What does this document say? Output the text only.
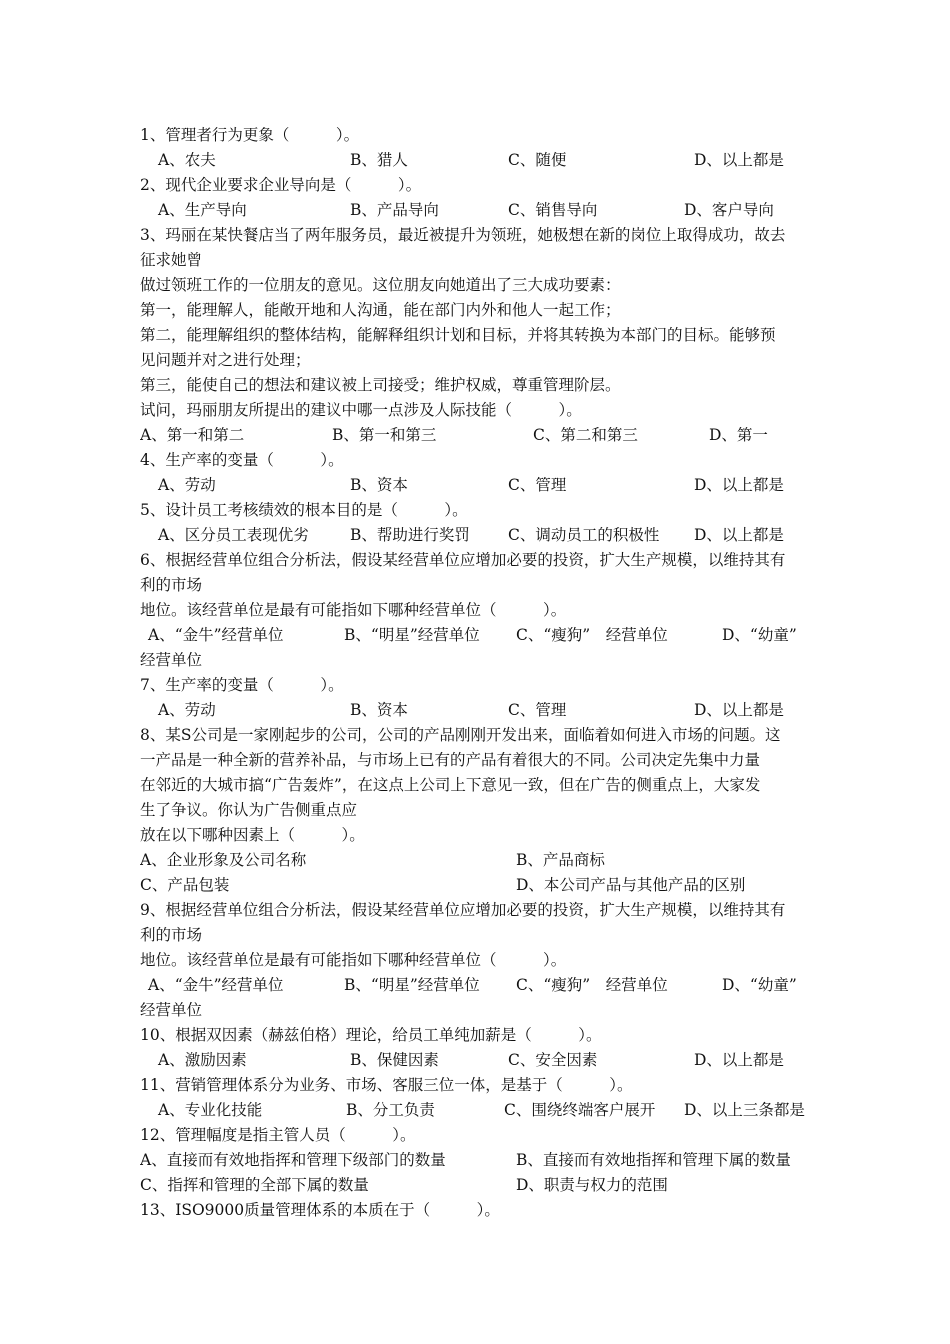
1、管理者行为更象（　　　）。
A、农夫	B、猎人	C、随便	D、以上都是
2、现代企业要求企业导向是（　　　）。
A、生产导向	B、产品导向	C、销售导向	D、客户导向
3、玛丽在某快餐店当了两年服务员，最近被提升为领班，她极想在新的岗位上取得成功，故去
征求她曾
做过领班工作的一位朋友的意见。这位朋友向她道出了三大成功要素：
第一，能理解人，能敞开地和人沟通，能在部门内外和他人一起工作；
第二，能理解组织的整体结构，能解释组织计划和目标，并将其转换为本部门的目标。能够预
见问题并对之进行处理；
第三，能使自己的想法和建议被上司接受；维护权威，尊重管理阶层。
试问，玛丽朋友所提出的建议中哪一点涉及人际技能（　　　）。
A、第一和第二	B、第一和第三	C、第二和第三	D、第一
4、生产率的变量（　　　）。
A、劳动	B、资本	C、管理	D、以上都是
5、设计员工考核绩效的根本目的是（　　　）。
A、区分员工表现优劣	B、帮助进行奖罚 C、调动员工的积极性 D、以上都是
6、根据经营单位组合分析法，假设某经营单位应增加必要的投资，扩大生产规模，以维持其有
利的市场
地位。该经营单位是最有可能指如下哪种经营单位（　　　）。
A、“金牛”经营单位	B、“明星”经营单位 C、“瘦狗”　经营单位	D、“幼童”
经营单位
7、生产率的变量（　　　）。
A、劳动	B、资本	C、管理	D、以上都是
8、某S公司是一家刚起步的公司，公司的产品刚刚开发出来，面临着如何进入市场的问题。这
一产品是一种全新的营养补品，与市场上已有的产品有着很大的不同。公司决定先集中力量
在邻近的大城市搞“广告轰炸”，在这点上公司上下意见一致，但在广告的侧重点上，大家发
生了争议。你认为广告侧重点应
放在以下哪种因素上（　　　）。
A、企业形象及公司名称	B、产品商标
C、产品包装	D、本公司产品与其他产品的区别
9、根据经营单位组合分析法，假设某经营单位应增加必要的投资，扩大生产规模，以维持其有
利的市场
地位。该经营单位是最有可能指如下哪种经营单位（　　　）。
A、“金牛”经营单位	B、“明星”经营单位 C、“瘦狗”　经营单位	D、“幼童”
经营单位
10、根据双因素（赫兹伯格）理论，给员工单纯加薪是（　　　）。
A、激励因素	B、保健因素	C、安全因素	D、以上都是
11、营销管理体系分为业务、市场、客服三位一体，是基于（　　　）。
A、专业化技能	B、分工负责	C、围绕终端客户展开 D、以上三条都是
12、管理幅度是指主管人员（　　　）。
A、直接而有效地指挥和管理下级部门的数量	B、直接而有效地指挥和管理下属的数量
C、指挥和管理的全部下属的数量	D、职责与权力的范围
13、ISO9000质量管理体系的本质在于（　　　）。
